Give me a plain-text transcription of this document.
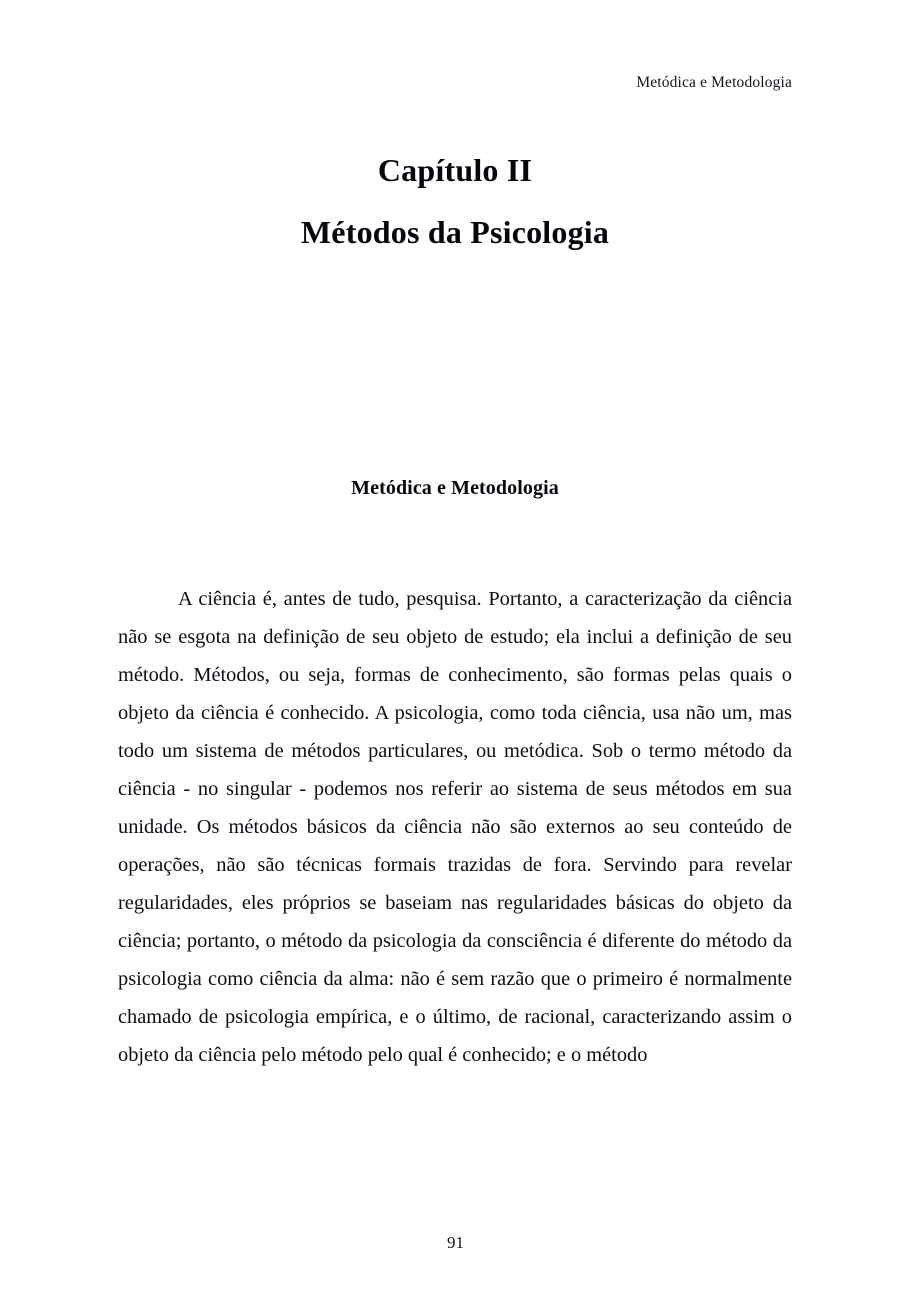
Metódica e Metodologia
Capítulo II
Métodos da Psicologia
Metódica e Metodologia

A ciência é, antes de tudo, pesquisa. Portanto, a caracterização da ciência não se esgota na definição de seu objeto de estudo; ela inclui a definição de seu método. Métodos, ou seja, formas de conhecimento, são formas pelas quais o objeto da ciência é conhecido. A psicologia, como toda ciência, usa não um, mas todo um sistema de métodos particulares, ou metódica. Sob o termo método da ciência - no singular - podemos nos referir ao sistema de seus métodos em sua unidade. Os métodos básicos da ciência não são externos ao seu conteúdo de operações, não são técnicas formais trazidas de fora. Servindo para revelar regularidades, eles próprios se baseiam nas regularidades básicas do objeto da ciência; portanto, o método da psicologia da consciência é diferente do método da psicologia como ciência da alma: não é sem razão que o primeiro é normalmente chamado de psicologia empírica, e o último, de racional, caracterizando assim o objeto da ciência pelo método pelo qual é conhecido; e o método

91
